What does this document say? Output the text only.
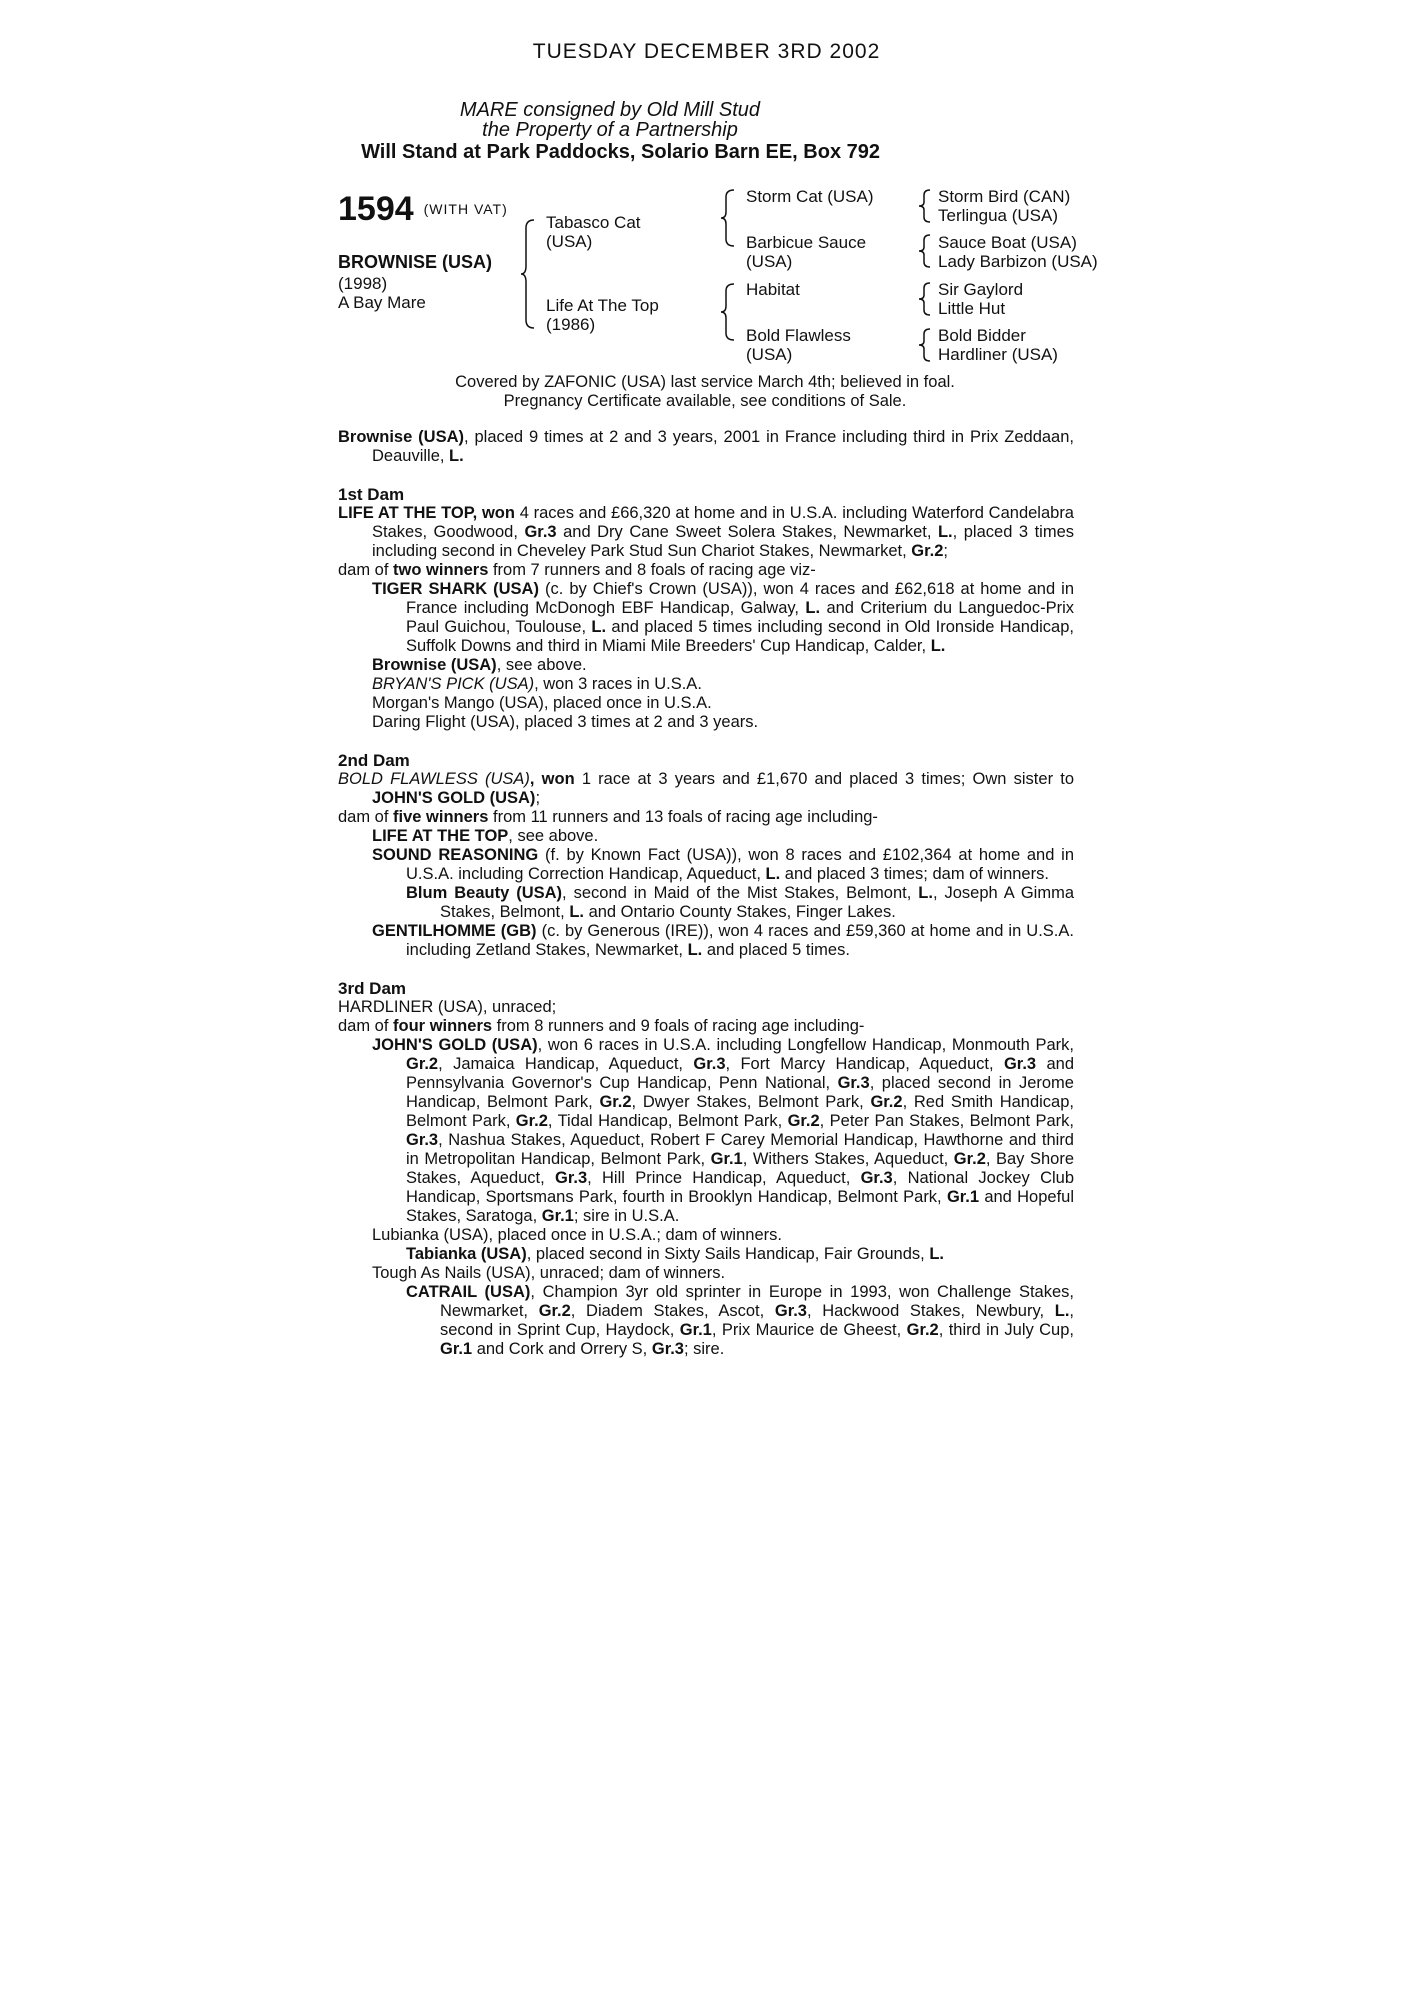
TUESDAY DECEMBER 3RD 2002
MARE consigned by Old Mill Stud
the Property of a Partnership
Will Stand at Park Paddocks, Solario Barn EE, Box 792
1594 (WITH VAT)
BROWNISE (USA)
(1998)
A Bay Mare
Tabasco Cat
(USA)
Life At The Top
(1986)
Storm Cat (USA)
Barbicue Sauce
(USA)
Habitat
Bold Flawless
(USA)
Storm Bird (CAN)
Terlingua (USA)
Sauce Boat (USA)
Lady Barbizon (USA)
Sir Gaylord
Little Hut
Bold Bidder
Hardliner (USA)
Covered by ZAFONIC (USA) last service March 4th; believed in foal.
Pregnancy Certificate available, see conditions of Sale.

Brownise (USA), placed 9 times at 2 and 3 years, 2001 in France including third in Prix Zeddaan, Deauville, L.

1st Dam

LIFE AT THE TOP, won 4 races and £66,320 at home and in U.S.A. including Waterford Candelabra Stakes, Goodwood, Gr.3 and Dry Cane Sweet Solera Stakes, Newmarket, L., placed 3 times including second in Cheveley Park Stud Sun Chariot Stakes, Newmarket, Gr.2;

dam of two winners from 7 runners and 8 foals of racing age viz-

TIGER SHARK (USA) (c. by Chief's Crown (USA)), won 4 races and £62,618 at home and in France including McDonogh EBF Handicap, Galway, L. and Criterium du Languedoc-Prix Paul Guichou, Toulouse, L. and placed 5 times including second in Old Ironside Handicap, Suffolk Downs and third in Miami Mile Breeders' Cup Handicap, Calder, L.

Brownise (USA), see above.

BRYAN'S PICK (USA), won 3 races in U.S.A.

Morgan's Mango (USA), placed once in U.S.A.

Daring Flight (USA), placed 3 times at 2 and 3 years.

2nd Dam

BOLD FLAWLESS (USA), won 1 race at 3 years and £1,670 and placed 3 times; Own sister to JOHN'S GOLD (USA);

dam of five winners from 11 runners and 13 foals of racing age including-

LIFE AT THE TOP, see above.

SOUND REASONING (f. by Known Fact (USA)), won 8 races and £102,364 at home and in U.S.A. including Correction Handicap, Aqueduct, L. and placed 3 times; dam of winners.

Blum Beauty (USA), second in Maid of the Mist Stakes, Belmont, L., Joseph A Gimma Stakes, Belmont, L. and Ontario County Stakes, Finger Lakes.

GENTILHOMME (GB) (c. by Generous (IRE)), won 4 races and £59,360 at home and in U.S.A. including Zetland Stakes, Newmarket, L. and placed 5 times.

3rd Dam

HARDLINER (USA), unraced;

dam of four winners from 8 runners and 9 foals of racing age including-

JOHN'S GOLD (USA), won 6 races in U.S.A. including Longfellow Handicap, Monmouth Park, Gr.2, Jamaica Handicap, Aqueduct, Gr.3, Fort Marcy Handicap, Aqueduct, Gr.3 and Pennsylvania Governor's Cup Handicap, Penn National, Gr.3, placed second in Jerome Handicap, Belmont Park, Gr.2, Dwyer Stakes, Belmont Park, Gr.2, Red Smith Handicap, Belmont Park, Gr.2, Tidal Handicap, Belmont Park, Gr.2, Peter Pan Stakes, Belmont Park, Gr.3, Nashua Stakes, Aqueduct, Robert F Carey Memorial Handicap, Hawthorne and third in Metropolitan Handicap, Belmont Park, Gr.1, Withers Stakes, Aqueduct, Gr.2, Bay Shore Stakes, Aqueduct, Gr.3, Hill Prince Handicap, Aqueduct, Gr.3, National Jockey Club Handicap, Sportsmans Park, fourth in Brooklyn Handicap, Belmont Park, Gr.1 and Hopeful Stakes, Saratoga, Gr.1; sire in U.S.A.

Lubianka (USA), placed once in U.S.A.; dam of winners.

Tabianka (USA), placed second in Sixty Sails Handicap, Fair Grounds, L.

Tough As Nails (USA), unraced; dam of winners.

CATRAIL (USA), Champion 3yr old sprinter in Europe in 1993, won Challenge Stakes, Newmarket, Gr.2, Diadem Stakes, Ascot, Gr.3, Hackwood Stakes, Newbury, L., second in Sprint Cup, Haydock, Gr.1, Prix Maurice de Gheest, Gr.2, third in July Cup, Gr.1 and Cork and Orrery S, Gr.3; sire.
